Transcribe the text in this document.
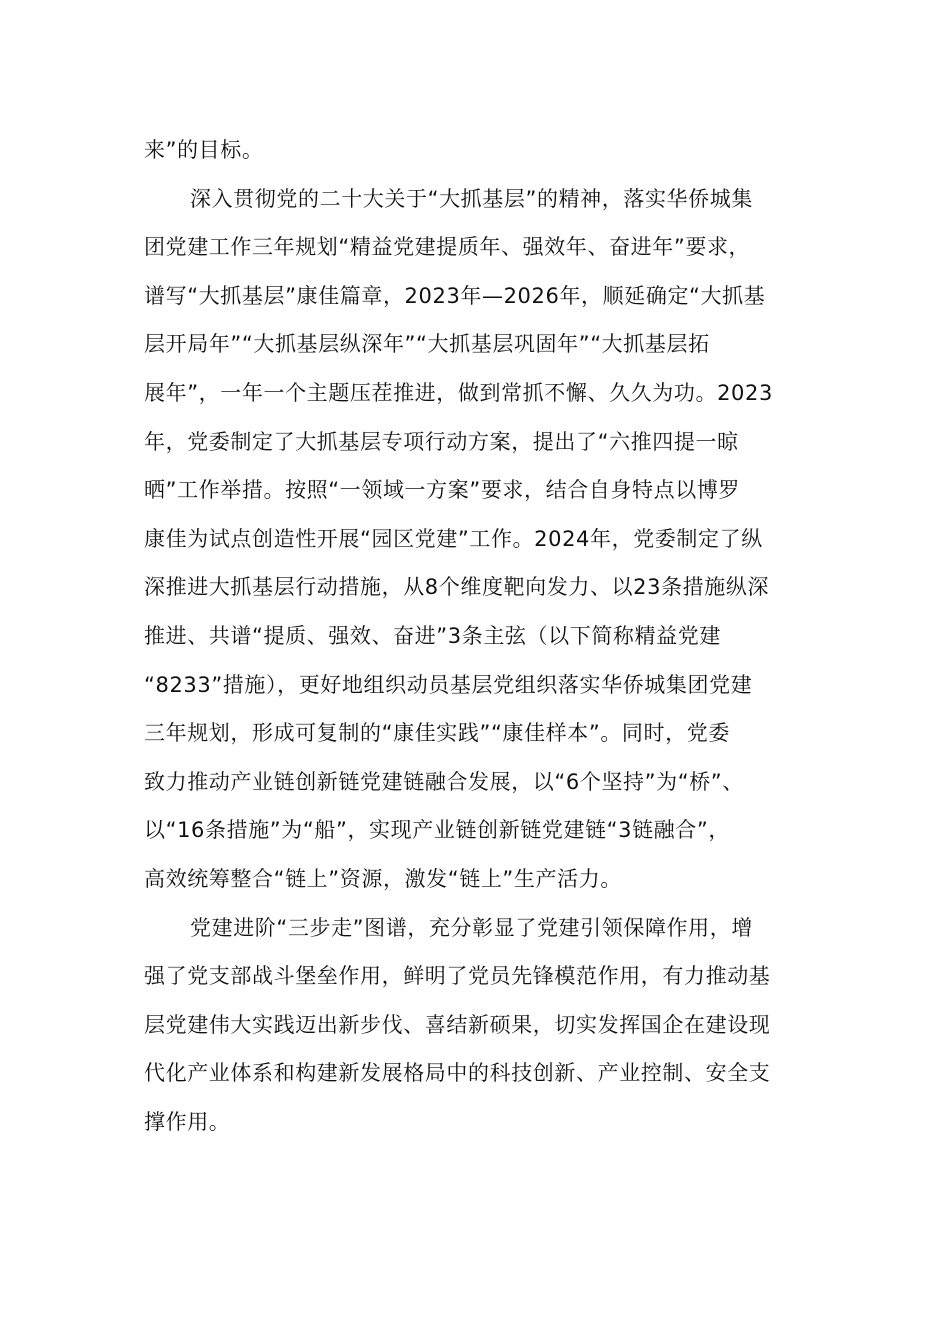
来”的目标。
深入贯彻党的二十大关于“大抓基层”的精神，落实华侨城集
团党建工作三年规划“精益党建提质年、强效年、奋进年”要求，
谱写“大抓基层”康佳篇章，2023年—2026年，顺延确定“大抓基
层开局年”“大抓基层纵深年”“大抓基层巩固年”“大抓基层拓
展年”，一年一个主题压茬推进，做到常抓不懈、久久为功。2023
年，党委制定了大抓基层专项行动方案，提出了“六推四提一晾
晒”工作举措。按照“一领域一方案”要求，结合自身特点以博罗
康佳为试点创造性开展“园区党建”工作。2024年，党委制定了纵
深推进大抓基层行动措施，从8个维度靶向发力、以23条措施纵深
推进、共谱“提质、强效、奋进”3条主弦（以下简称精益党建
“8233”措施），更好地组织动员基层党组织落实华侨城集团党建
三年规划，形成可复制的“康佳实践”“康佳样本”。同时，党委
致力推动产业链创新链党建链融合发展，以“6个坚持”为“桥”、
以“16条措施”为“船”，实现产业链创新链党建链“3链融合”，
高效统筹整合“链上”资源，激发“链上”生产活力。
党建进阶“三步走”图谱，充分彰显了党建引领保障作用，增
强了党支部战斗堡垒作用，鲜明了党员先锋模范作用，有力推动基
层党建伟大实践迈出新步伐、喜结新硕果，切实发挥国企在建设现
代化产业体系和构建新发展格局中的科技创新、产业控制、安全支
撑作用。
